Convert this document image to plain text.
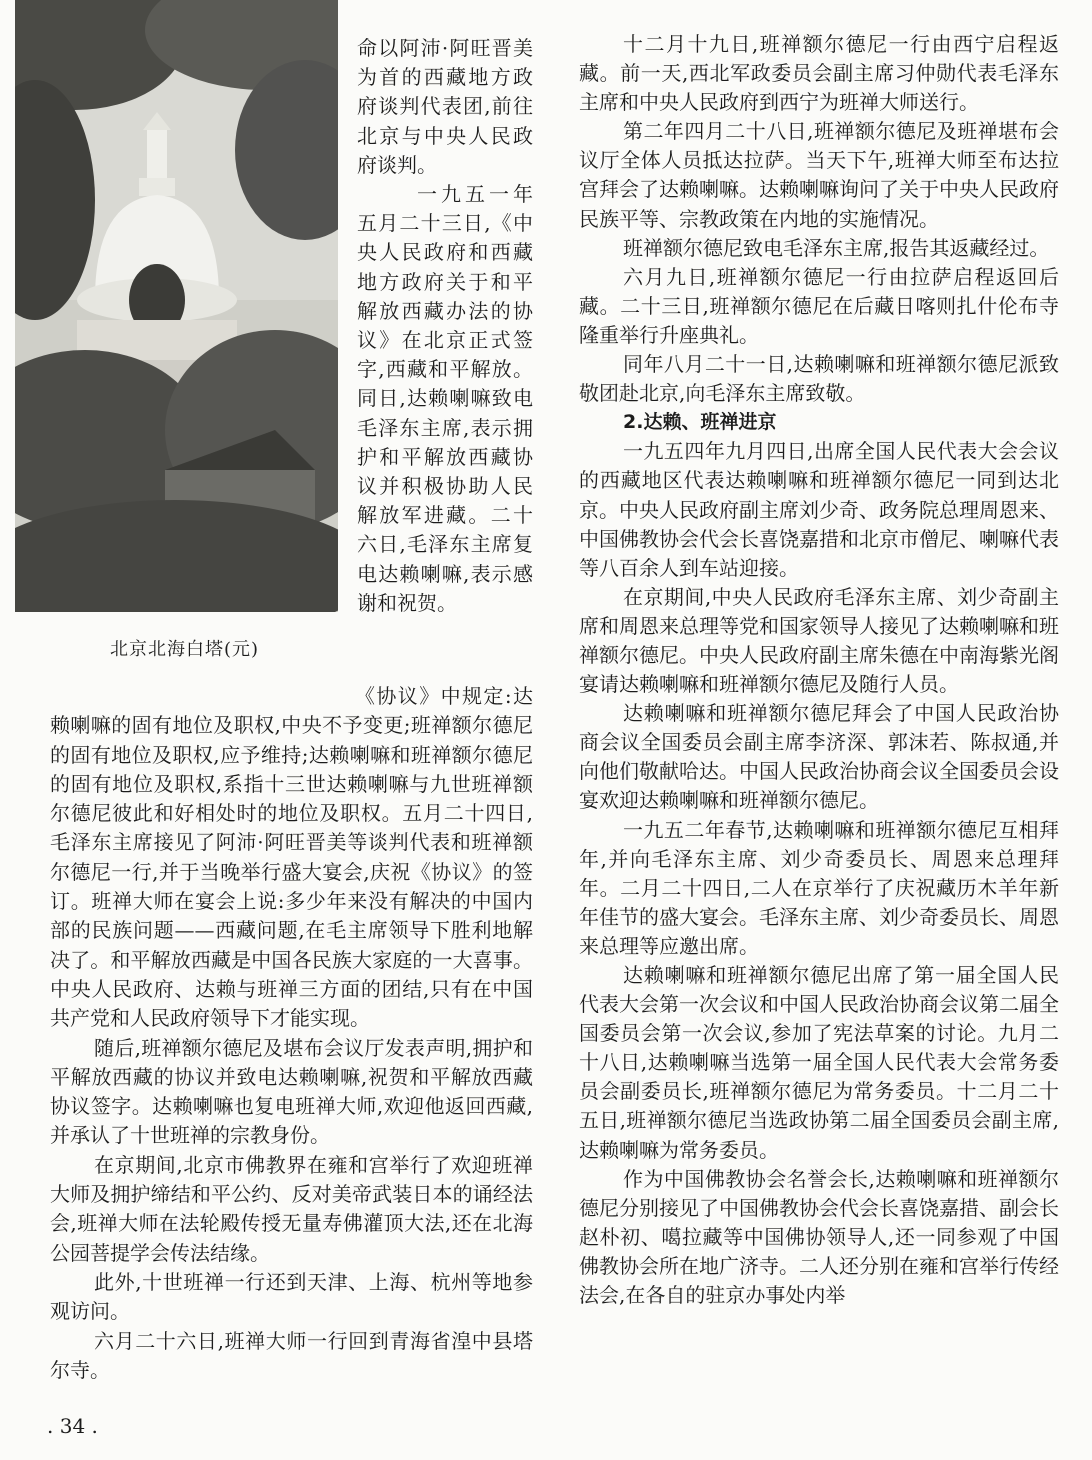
北京北海白塔(元)

命以阿沛·阿旺晋美为首的西藏地方政府谈判代表团,前往北京与中央人民政府谈判。

一九五一年五月二十三日,《中央人民政府和西藏地方政府关于和平解放西藏办法的协议》在北京正式签字,西藏和平解放。同日,达赖喇嘛致电毛泽东主席,表示拥护和平解放西藏协议并积极协助人民解放军进藏。二十六日,毛泽东主席复电达赖喇嘛,表示感谢和祝贺。

《协议》中规定:达赖喇嘛的固有地位及职权,中央不予变更;班禅额尔德尼的固有地位及职权,应予维持;达赖喇嘛和班禅额尔德尼的固有地位及职权,系指十三世达赖喇嘛与九世班禅额尔德尼彼此和好相处时的地位及职权。五月二十四日,毛泽东主席接见了阿沛·阿旺晋美等谈判代表和班禅额尔德尼一行,并于当晚举行盛大宴会,庆祝《协议》的签订。班禅大师在宴会上说:多少年来没有解决的中国内部的民族问题——西藏问题,在毛主席领导下胜利地解决了。和平解放西藏是中国各民族大家庭的一大喜事。中央人民政府、达赖与班禅三方面的团结,只有在中国共产党和人民政府领导下才能实现。

随后,班禅额尔德尼及堪布会议厅发表声明,拥护和平解放西藏的协议并致电达赖喇嘛,祝贺和平解放西藏协议签字。达赖喇嘛也复电班禅大师,欢迎他返回西藏,并承认了十世班禅的宗教身份。

在京期间,北京市佛教界在雍和宫举行了欢迎班禅大师及拥护缔结和平公约、反对美帝武装日本的诵经法会,班禅大师在法轮殿传授无量寿佛灌顶大法,还在北海公园菩提学会传法结缘。

此外,十世班禅一行还到天津、上海、杭州等地参观访问。

六月二十六日,班禅大师一行回到青海省湟中县塔尔寺。

十二月十九日,班禅额尔德尼一行由西宁启程返藏。前一天,西北军政委员会副主席习仲勋代表毛泽东主席和中央人民政府到西宁为班禅大师送行。

第二年四月二十八日,班禅额尔德尼及班禅堪布会议厅全体人员抵达拉萨。当天下午,班禅大师至布达拉宫拜会了达赖喇嘛。达赖喇嘛询问了关于中央人民政府民族平等、宗教政策在内地的实施情况。

班禅额尔德尼致电毛泽东主席,报告其返藏经过。

六月九日,班禅额尔德尼一行由拉萨启程返回后藏。二十三日,班禅额尔德尼在后藏日喀则扎什伦布寺隆重举行升座典礼。

同年八月二十一日,达赖喇嘛和班禅额尔德尼派致敬团赴北京,向毛泽东主席致敬。

2.达赖、班禅进京

一九五四年九月四日,出席全国人民代表大会会议的西藏地区代表达赖喇嘛和班禅额尔德尼一同到达北京。中央人民政府副主席刘少奇、政务院总理周恩来、中国佛教协会代会长喜饶嘉措和北京市僧尼、喇嘛代表等八百余人到车站迎接。

在京期间,中央人民政府毛泽东主席、刘少奇副主席和周恩来总理等党和国家领导人接见了达赖喇嘛和班禅额尔德尼。中央人民政府副主席朱德在中南海紫光阁宴请达赖喇嘛和班禅额尔德尼及随行人员。

达赖喇嘛和班禅额尔德尼拜会了中国人民政治协商会议全国委员会副主席李济深、郭沫若、陈叔通,并向他们敬献哈达。中国人民政治协商会议全国委员会设宴欢迎达赖喇嘛和班禅额尔德尼。

一九五二年春节,达赖喇嘛和班禅额尔德尼互相拜年,并向毛泽东主席、刘少奇委员长、周恩来总理拜年。二月二十四日,二人在京举行了庆祝藏历木羊年新年佳节的盛大宴会。毛泽东主席、刘少奇委员长、周恩来总理等应邀出席。

达赖喇嘛和班禅额尔德尼出席了第一届全国人民代表大会第一次会议和中国人民政治协商会议第二届全国委员会第一次会议,参加了宪法草案的讨论。九月二十八日,达赖喇嘛当选第一届全国人民代表大会常务委员会副委员长,班禅额尔德尼为常务委员。十二月二十五日,班禅额尔德尼当选政协第二届全国委员会副主席,达赖喇嘛为常务委员。

作为中国佛教协会名誉会长,达赖喇嘛和班禅额尔德尼分别接见了中国佛教协会代会长喜饶嘉措、副会长赵朴初、噶拉藏等中国佛协领导人,还一同参观了中国佛教协会所在地广济寺。二人还分别在雍和宫举行传经法会,在各自的驻京办事处内举

. 34 .
